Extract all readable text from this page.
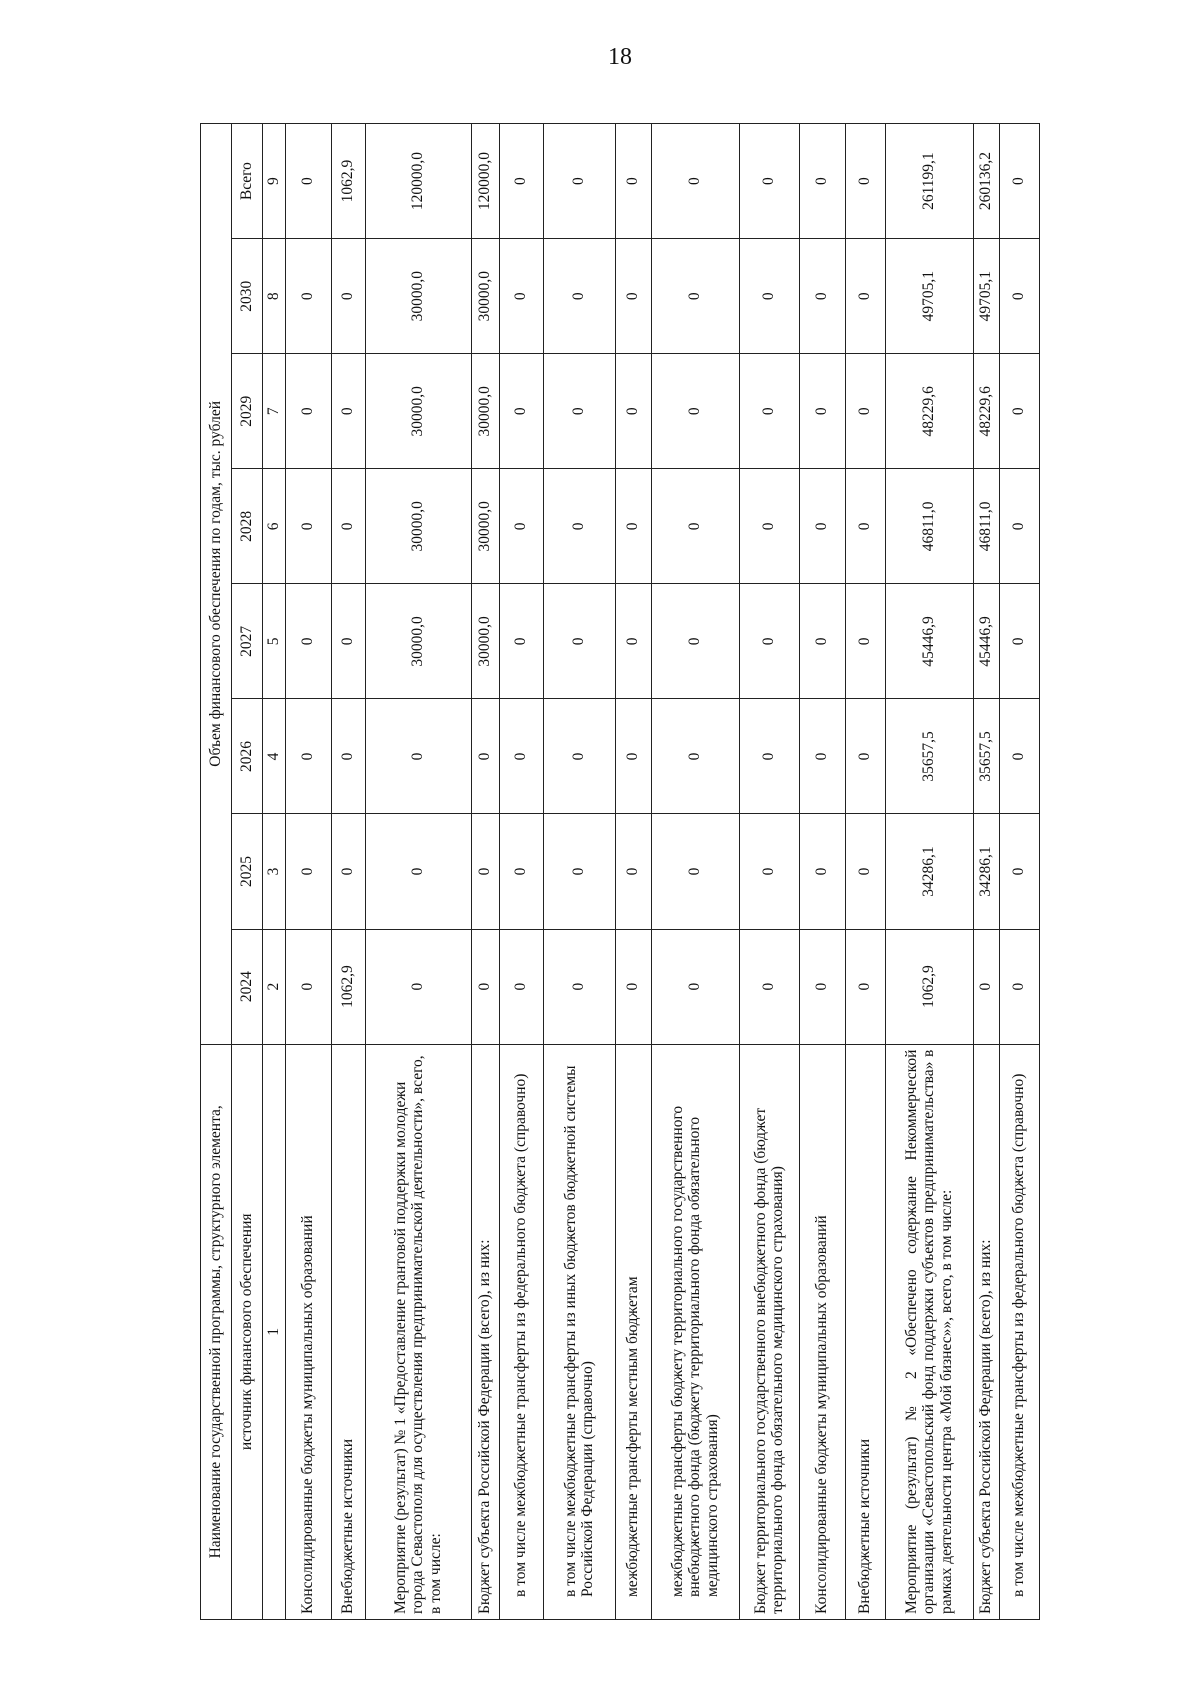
18
Наименование государственной программы, структурного элемента,	Объем финансового обеспечения по годам, тыс. рублей							
источник финансового обеспечения	2024	2025	2026	2027	2028	2029	2030	Всего
1	2	3	4	5	6	7	8	9
Консолидированные бюджеты муниципальных образований	0	0	0	0	0	0	0	0
Внебюджетные источники	1062,9	0	0	0	0	0	0	1062,9
Мероприятие (результат) № 1 «Предоставление грантовой поддержки молодежи города Севастополя для осуществления предпринимательской деятельности», всего, в том числе:	0	0	0	30000,0	30000,0	30000,0	30000,0	120000,0
Бюджет субъекта Российской Федерации (всего), из них:	0	0	0	30000,0	30000,0	30000,0	30000,0	120000,0
в том числе межбюджетные трансферты из федерального бюджета (справочно)	0	0	0	0	0	0	0	0
в том числе межбюджетные трансферты из иных бюджетов бюджетной системы Российской Федерации (справочно)	0	0	0	0	0	0	0	0
межбюджетные трансферты местным бюджетам	0	0	0	0	0	0	0	0
межбюджетные трансферты бюджету территориального государственного внебюджетного фонда (бюджету территориального фонда обязательного медицинского страхования)	0	0	0	0	0	0	0	0
Бюджет территориального государственного внебюджетного фонда (бюджет территориального фонда обязательного медицинского страхования)	0	0	0	0	0	0	0	0
Консолидированные бюджеты муниципальных образований	0	0	0	0	0	0	0	0
Внебюджетные источники	0	0	0	0	0	0	0	0
Мероприятие (результат) № 2 «Обеспечено содержание Некоммерческой организации «Севастопольский фонд поддержки субъектов предпринимательства» в рамках деятельности центра «Мой бизнес»», всего, в том числе:	1062,9	34286,1	35657,5	45446,9	46811,0	48229,6	49705,1	261199,1
Бюджет субъекта Российской Федерации (всего), из них:	0	34286,1	35657,5	45446,9	46811,0	48229,6	49705,1	260136,2
в том числе межбюджетные трансферты из федерального бюджета (справочно)	0	0	0	0	0	0	0	0
